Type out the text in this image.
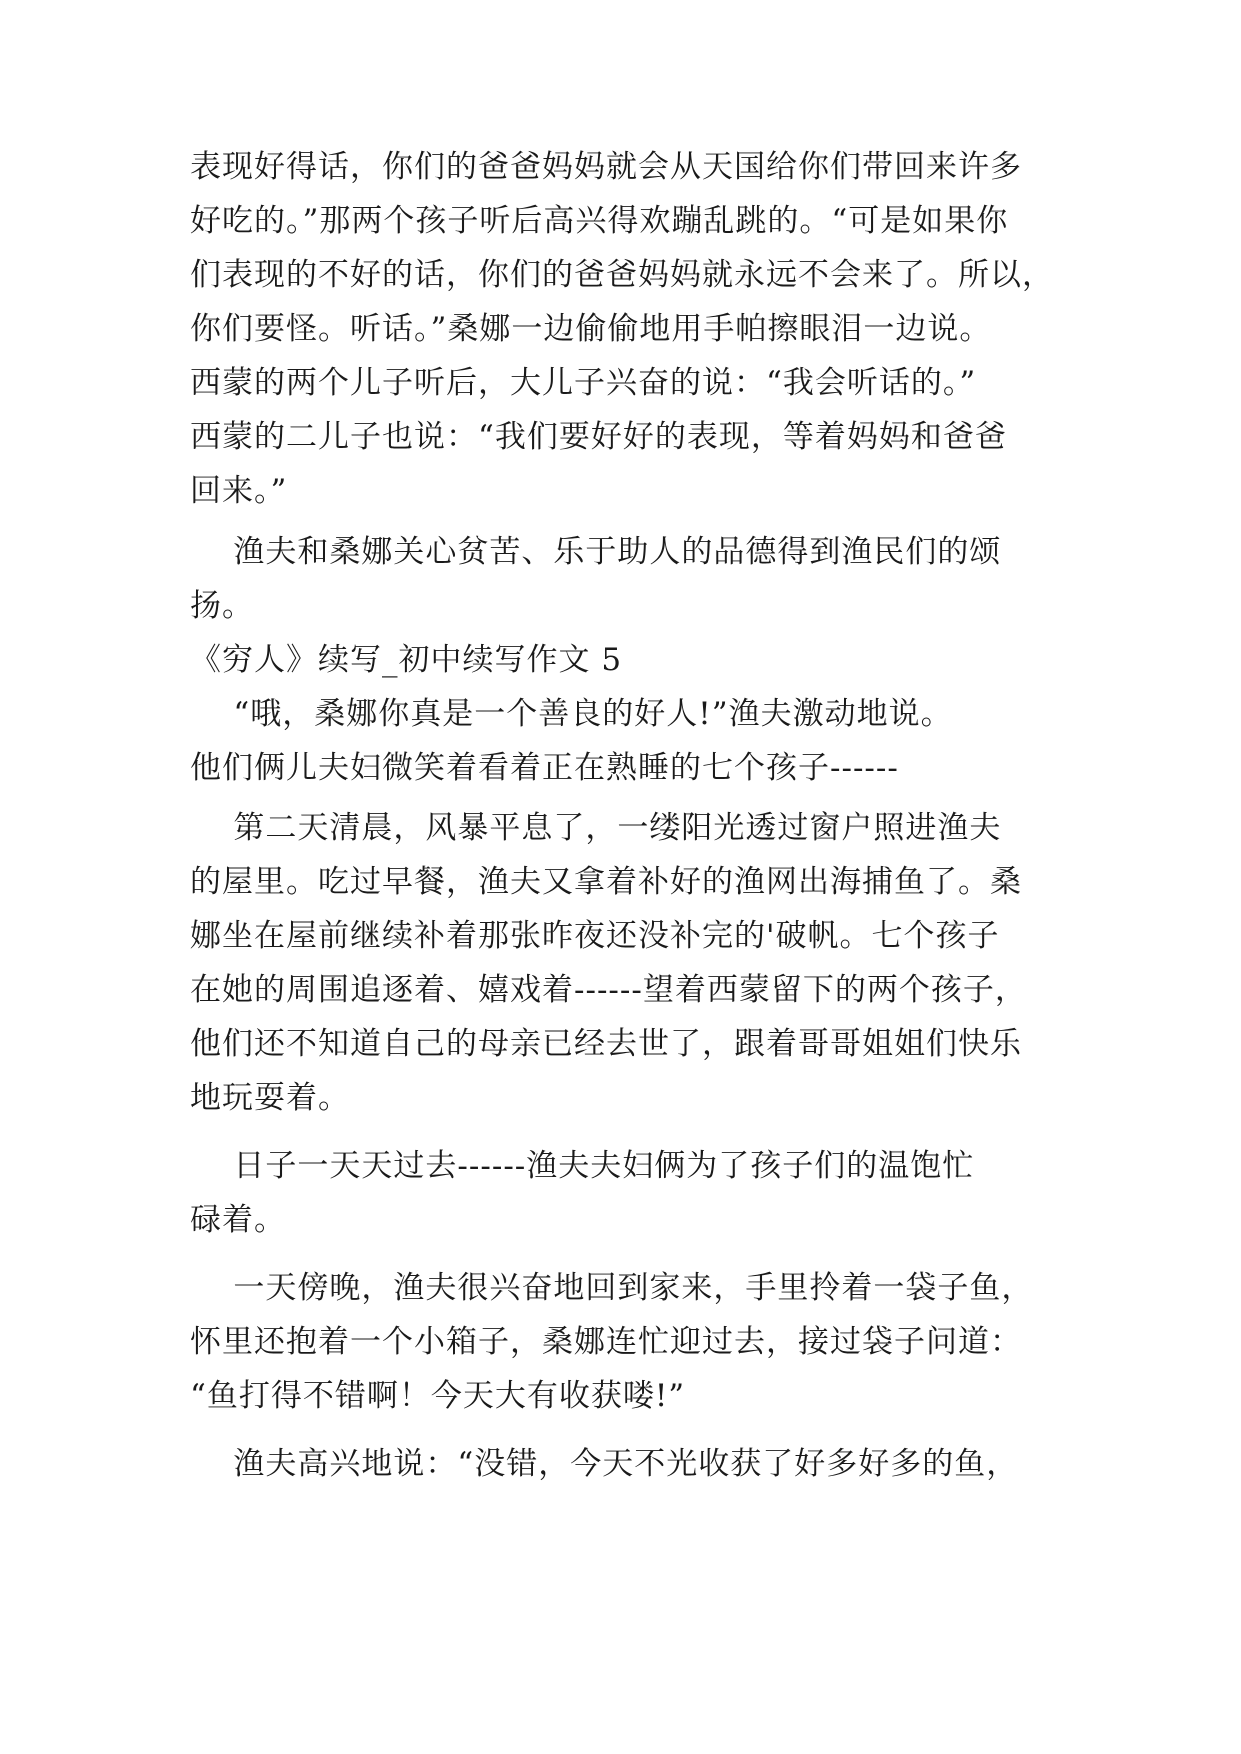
表现好得话，你们的爸爸妈妈就会从天国给你们带回来许多

好吃的。”那两个孩子听后高兴得欢蹦乱跳的。“可是如果你

们表现的不好的话，你们的爸爸妈妈就永远不会来了。所以，

你们要怪。听话。”桑娜一边偷偷地用手帕擦眼泪一边说。

西蒙的两个儿子听后，大儿子兴奋的说：“我会听话的。”

西蒙的二儿子也说：“我们要好好的表现，等着妈妈和爸爸

回来。”

渔夫和桑娜关心贫苦、乐于助人的品德得到渔民们的颂

扬。

《穷人》续写_初中续写作文 5

“哦，桑娜你真是一个善良的好人!”渔夫激动地说。

他们俩儿夫妇微笑着看着正在熟睡的七个孩子------

第二天清晨，风暴平息了，一缕阳光透过窗户照进渔夫

的屋里。吃过早餐，渔夫又拿着补好的渔网出海捕鱼了。桑

娜坐在屋前继续补着那张昨夜还没补完的'破帆。七个孩子

在她的周围追逐着、嬉戏着------望着西蒙留下的两个孩子，

他们还不知道自己的母亲已经去世了，跟着哥哥姐姐们快乐

地玩耍着。

日子一天天过去------渔夫夫妇俩为了孩子们的温饱忙

碌着。

一天傍晚，渔夫很兴奋地回到家来，手里拎着一袋子鱼，

怀里还抱着一个小箱子，桑娜连忙迎过去，接过袋子问道：

“鱼打得不错啊！今天大有收获喽!”

渔夫高兴地说：“没错，今天不光收获了好多好多的鱼，
